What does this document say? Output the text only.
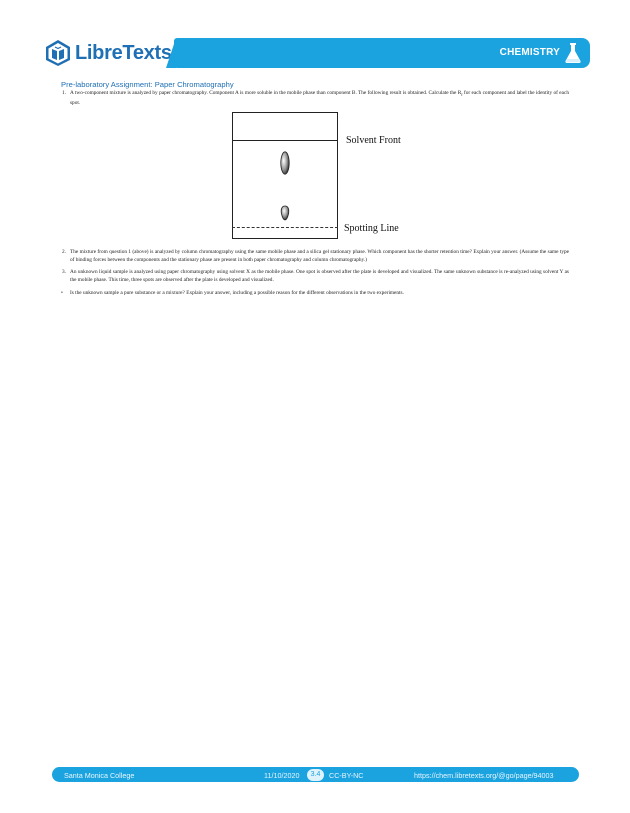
LibreTexts	CHEMISTRY
Pre-laboratory Assignment: Paper Chromatography
1. A two-component mixture is analyzed by paper chromatography. Component A is more soluble in the mobile phase than component B. The following result is obtained. Calculate the $R_f$ for each component and label the identity of each spot.
Solvent Front
Spotting Line
2. The mixture from question 1 (above) is analyzed by column chromatography using the same mobile phase and a silica gel stationary phase. Which component has the shorter retention time? Explain your answer. (Assume the same type of binding forces between the components and the stationary phase are present in both paper chromatography and column chromatography.)
3. An unknown liquid sample is analyzed using paper chromatography using solvent X as the mobile phase. One spot is observed after the plate is developed and visualized. The same unknown substance is re-analyzed using solvent Y as the mobile phase. This time, three spots are observed after the plate is developed and visualized.
• Is the unknown sample a pure substance or a mixture? Explain your answer, including a possible reason for the different observations in the two experiments.
Santa Monica College	11/10/2020	3.4	CC-BY-NC	https://chem.libretexts.org/@go/page/94003
